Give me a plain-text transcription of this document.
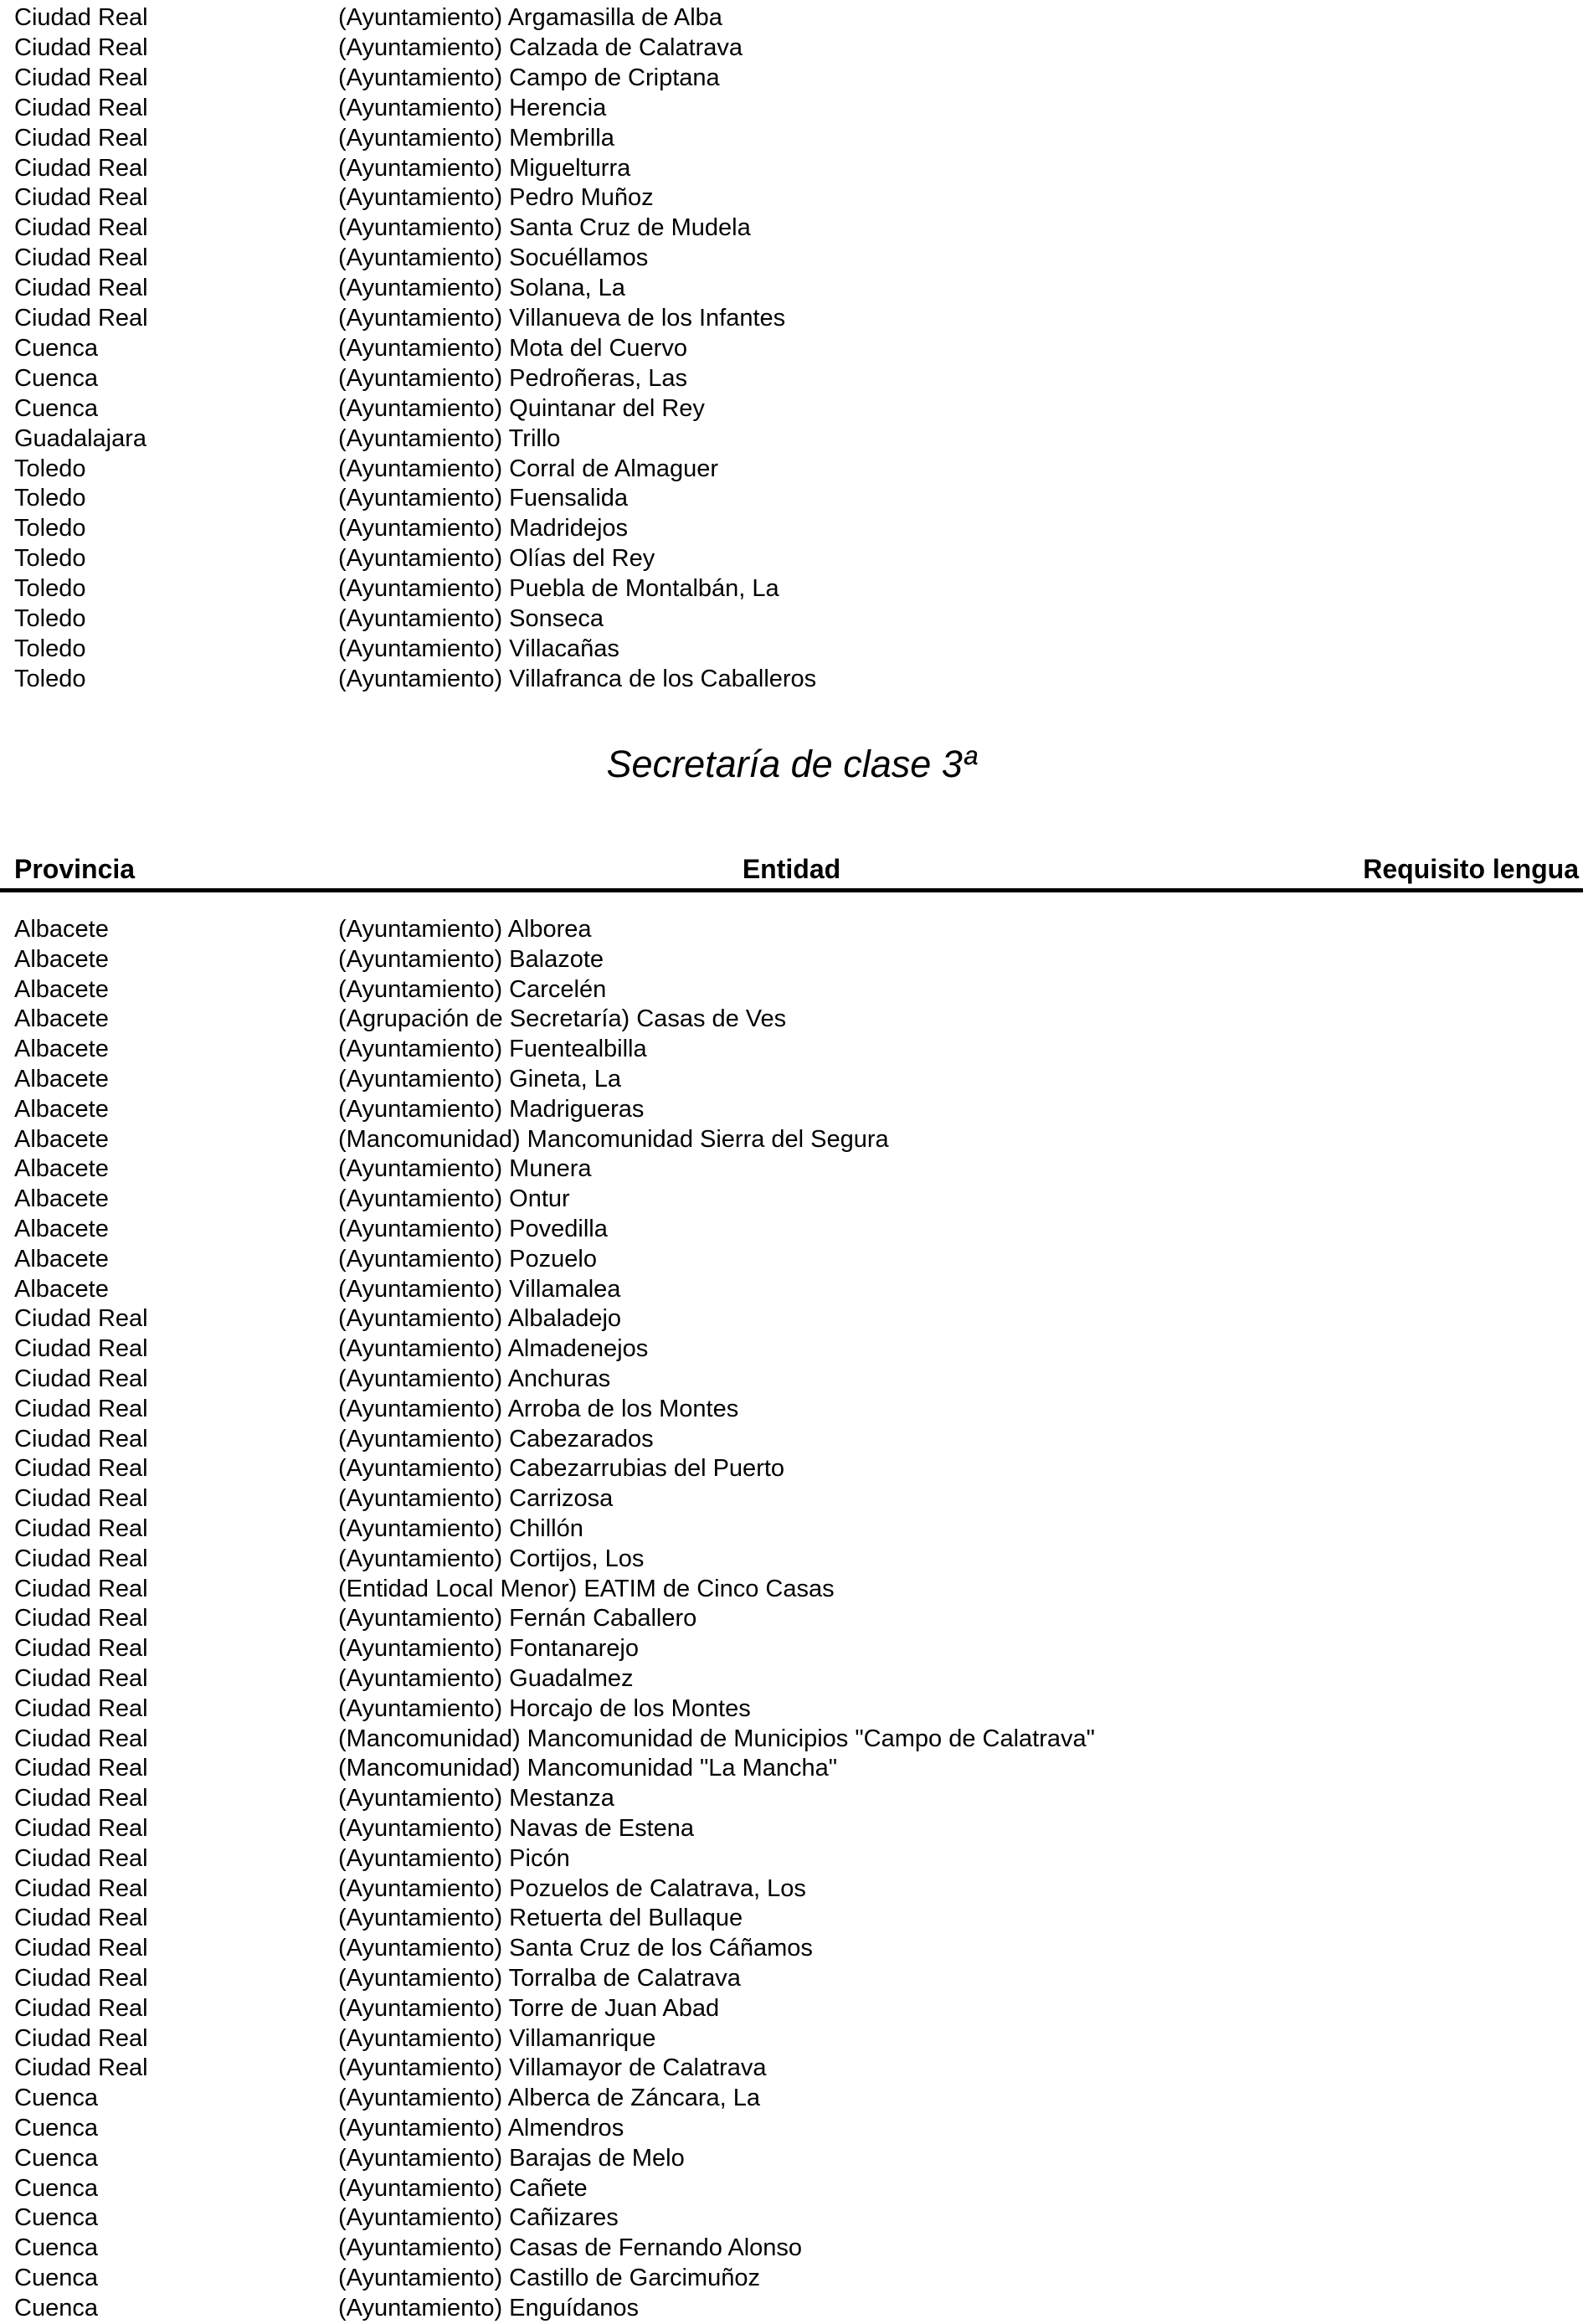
Ciudad Real	(Ayuntamiento) Argamasilla de Alba
Ciudad Real	(Ayuntamiento) Calzada de Calatrava
Ciudad Real	(Ayuntamiento) Campo de Criptana
Ciudad Real	(Ayuntamiento) Herencia
Ciudad Real	(Ayuntamiento) Membrilla
Ciudad Real	(Ayuntamiento) Miguelturra
Ciudad Real	(Ayuntamiento) Pedro Muñoz
Ciudad Real	(Ayuntamiento) Santa Cruz de Mudela
Ciudad Real	(Ayuntamiento) Socuéllamos
Ciudad Real	(Ayuntamiento) Solana, La
Ciudad Real	(Ayuntamiento) Villanueva de los Infantes
Cuenca	(Ayuntamiento) Mota del Cuervo
Cuenca	(Ayuntamiento) Pedroñeras, Las
Cuenca	(Ayuntamiento) Quintanar del Rey
Guadalajara	(Ayuntamiento) Trillo
Toledo	(Ayuntamiento) Corral de Almaguer
Toledo	(Ayuntamiento) Fuensalida
Toledo	(Ayuntamiento) Madridejos
Toledo	(Ayuntamiento) Olías del Rey
Toledo	(Ayuntamiento) Puebla de Montalbán, La
Toledo	(Ayuntamiento) Sonseca
Toledo	(Ayuntamiento) Villacañas
Toledo	(Ayuntamiento) Villafranca de los Caballeros
Secretaría de clase 3ª
Provincia	Entidad	Requisito lengua
Albacete	(Ayuntamiento) Alborea
Albacete	(Ayuntamiento) Balazote
Albacete	(Ayuntamiento) Carcelén
Albacete	(Agrupación de Secretaría) Casas de Ves
Albacete	(Ayuntamiento) Fuentealbilla
Albacete	(Ayuntamiento) Gineta, La
Albacete	(Ayuntamiento) Madrigueras
Albacete	(Mancomunidad) Mancomunidad Sierra del Segura
Albacete	(Ayuntamiento) Munera
Albacete	(Ayuntamiento) Ontur
Albacete	(Ayuntamiento) Povedilla
Albacete	(Ayuntamiento) Pozuelo
Albacete	(Ayuntamiento) Villamalea
Ciudad Real	(Ayuntamiento) Albaladejo
Ciudad Real	(Ayuntamiento) Almadenejos
Ciudad Real	(Ayuntamiento) Anchuras
Ciudad Real	(Ayuntamiento) Arroba de los Montes
Ciudad Real	(Ayuntamiento) Cabezarados
Ciudad Real	(Ayuntamiento) Cabezarrubias del Puerto
Ciudad Real	(Ayuntamiento) Carrizosa
Ciudad Real	(Ayuntamiento) Chillón
Ciudad Real	(Ayuntamiento) Cortijos, Los
Ciudad Real	(Entidad Local Menor) EATIM de Cinco Casas
Ciudad Real	(Ayuntamiento) Fernán Caballero
Ciudad Real	(Ayuntamiento) Fontanarejo
Ciudad Real	(Ayuntamiento) Guadalmez
Ciudad Real	(Ayuntamiento) Horcajo de los Montes
Ciudad Real	(Mancomunidad) Mancomunidad de Municipios "Campo de Calatrava"
Ciudad Real	(Mancomunidad) Mancomunidad "La Mancha"
Ciudad Real	(Ayuntamiento) Mestanza
Ciudad Real	(Ayuntamiento) Navas de Estena
Ciudad Real	(Ayuntamiento) Picón
Ciudad Real	(Ayuntamiento) Pozuelos de Calatrava, Los
Ciudad Real	(Ayuntamiento) Retuerta del Bullaque
Ciudad Real	(Ayuntamiento) Santa Cruz de los Cáñamos
Ciudad Real	(Ayuntamiento) Torralba de Calatrava
Ciudad Real	(Ayuntamiento) Torre de Juan Abad
Ciudad Real	(Ayuntamiento) Villamanrique
Ciudad Real	(Ayuntamiento) Villamayor de Calatrava
Cuenca	(Ayuntamiento) Alberca de Záncara, La
Cuenca	(Ayuntamiento) Almendros
Cuenca	(Ayuntamiento) Barajas de Melo
Cuenca	(Ayuntamiento) Cañete
Cuenca	(Ayuntamiento) Cañizares
Cuenca	(Ayuntamiento) Casas de Fernando Alonso
Cuenca	(Ayuntamiento) Castillo de Garcimuñoz
Cuenca	(Ayuntamiento) Enguídanos
